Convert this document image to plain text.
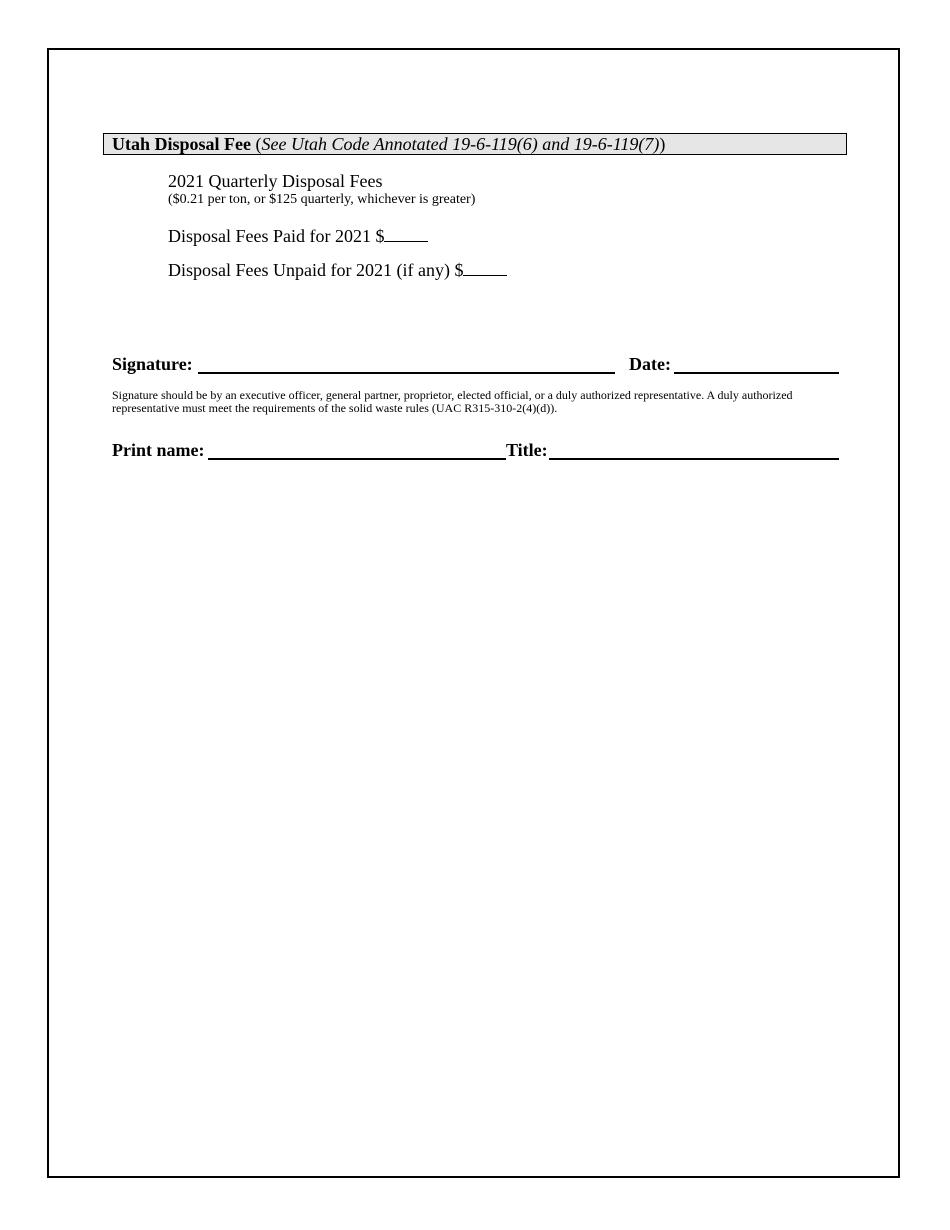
Utah Disposal Fee (See Utah Code Annotated 19-6-119(6) and 19-6-119(7))
2021 Quarterly Disposal Fees
($0.21 per ton, or $125 quarterly, whichever is greater)
Disposal Fees Paid for 2021 $
Disposal Fees Unpaid for 2021 (if any) $
Signature:	Date:
Signature should be by an executive officer, general partner, proprietor, elected official, or a duly authorized representative. A duly authorized representative must meet the requirements of the solid waste rules (UAC R315-310-2(4)(d)).
Print name:	Title:
